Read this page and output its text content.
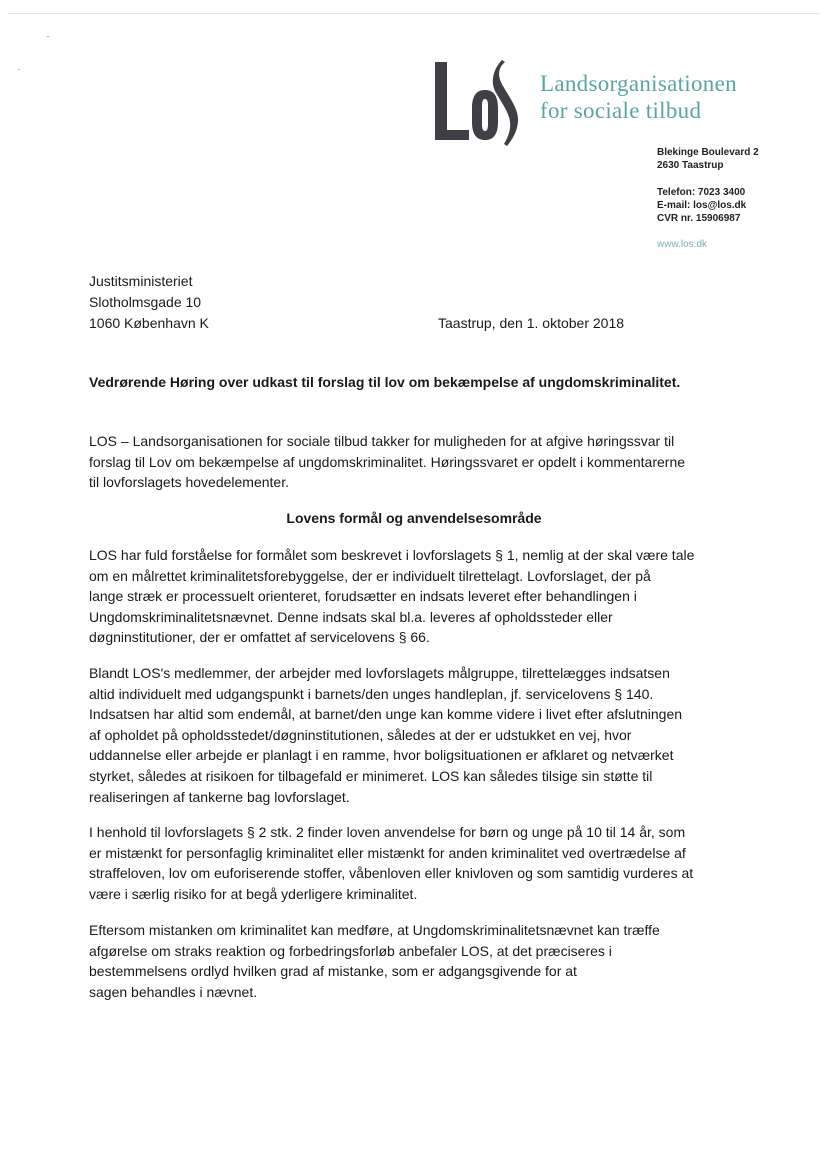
Landsorganisationen
for sociale tilbud
Blekinge Boulevard 2
2630 Taastrup
Telefon: 7023 3400
E-mail: los@los.dk
CVR nr. 15906987
www.los.dk
Justitsministeriet
Slotholmsgade 10
1060 København K	Taastrup, den 1. oktober 2018
Vedrørende Høring over udkast til forslag til lov om bekæmpelse af ungdomskriminalitet.

LOS – Landsorganisationen for sociale tilbud takker for muligheden for at afgive høringssvar til
forslag til Lov om bekæmpelse af ungdomskriminalitet. Høringssvaret er opdelt i kommentarerne
til lovforslagets hovedelementer.

Lovens formål og anvendelsesområde

LOS har fuld forståelse for formålet som beskrevet i lovforslagets § 1, nemlig at der skal være tale
om en målrettet kriminalitetsforebyggelse, der er individuelt tilrettelagt. Lovforslaget, der på
lange stræk er processuelt orienteret, forudsætter en indsats leveret efter behandlingen i
Ungdomskriminalitetsnævnet. Denne indsats skal bl.a. leveres af opholdssteder eller
døgninstitutioner, der er omfattet af servicelovens § 66.

Blandt LOS's medlemmer, der arbejder med lovforslagets målgruppe, tilrettelægges indsatsen
altid individuelt med udgangspunkt i barnets/den unges handleplan, jf. servicelovens § 140.
Indsatsen har altid som endemål, at barnet/den unge kan komme videre i livet efter afslutningen
af opholdet på opholdsstedet/døgninstitutionen, således at der er udstukket en vej, hvor
uddannelse eller arbejde er planlagt i en ramme, hvor boligsituationen er afklaret og netværket
styrket, således at risikoen for tilbagefald er minimeret. LOS kan således tilsige sin støtte til
realiseringen af tankerne bag lovforslaget.

I henhold til lovforslagets § 2 stk. 2 finder loven anvendelse for børn og unge på 10 til 14 år, som
er mistænkt for personfaglig kriminalitet eller mistænkt for anden kriminalitet ved overtrædelse af
straffeloven, lov om euforiserende stoffer, våbenloven eller knivloven og som samtidig vurderes at
være i særlig risiko for at begå yderligere kriminalitet.

Eftersom mistanken om kriminalitet kan medføre, at Ungdomskriminalitetsnævnet kan træffe
afgørelse om straks reaktion og forbedringsforløb anbefaler LOS, at det præciseres i
bestemmelsens ordlyd hvilken grad af mistanke, som er adgangsgivende for at
sagen behandles i nævnet.
